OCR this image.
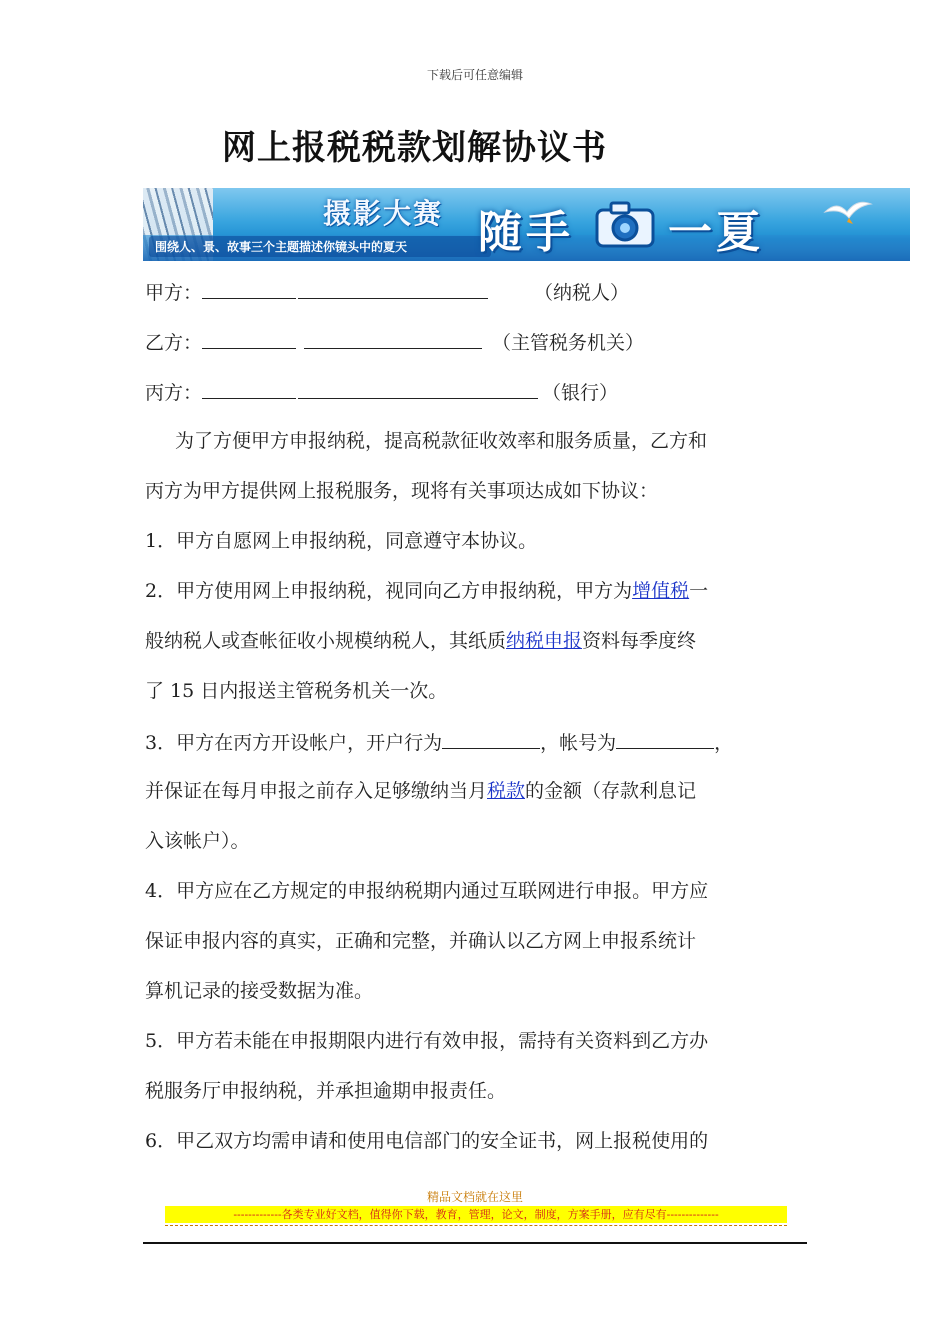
下载后可任意编辑
网上报税税款划解协议书
摄影大赛
围绕人、景、故事三个主题描述你镜头中的夏天	随手 一夏
甲方：	（纳税人）
乙方：	（主管税务机关）
丙方：	（银行）
为了方便甲方申报纳税，提高税款征收效率和服务质量，乙方和
丙方为甲方提供网上报税服务，现将有关事项达成如下协议：
1．甲方自愿网上申报纳税，同意遵守本协议。
2．甲方使用网上申报纳税，视同向乙方申报纳税，甲方为增值税一
般纳税人或查帐征收小规模纳税人，其纸质纳税申报资料每季度终
了 15 日内报送主管税务机关一次。
3．甲方在丙方开设帐户，开户行为	，帐号为	，
并保证在每月申报之前存入足够缴纳当月税款的金额（存款利息记
入该帐户）。
4．甲方应在乙方规定的申报纳税期内通过互联网进行申报。甲方应
保证申报内容的真实，正确和完整，并确认以乙方网上申报系统计
算机记录的接受数据为准。
5．甲方若未能在申报期限内进行有效申报，需持有关资料到乙方办
税服务厅申报纳税，并承担逾期申报责任。
6．甲乙双方均需申请和使用电信部门的安全证书，网上报税使用的
精品文档就在这里
-------------各类专业好文档，值得你下载，教育，管理，论文，制度，方案手册，应有尽有--------------
